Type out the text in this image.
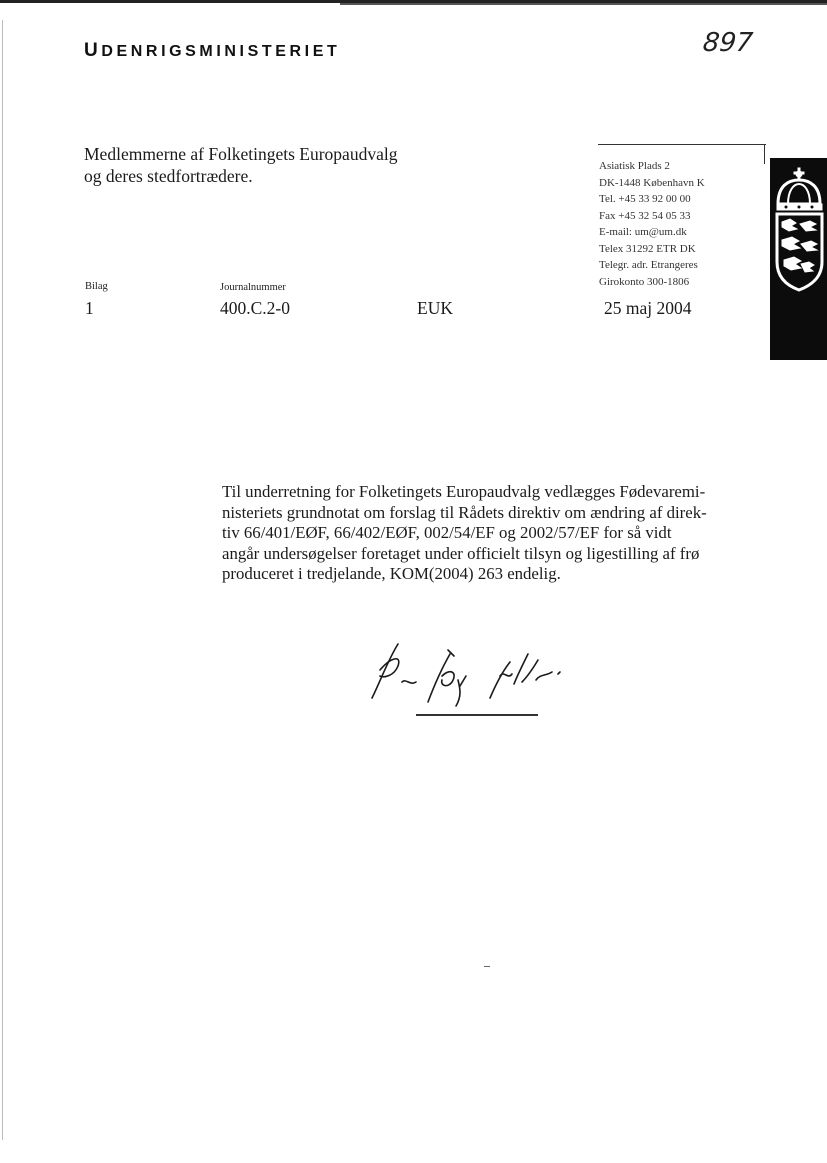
UDENRIGSMINISTERIET	897
Medlemmerne af Folketingets Europaudvalg
og deres stedfortrædere.	Asiatisk Plads 2
DK-1448 København K
Tel. +45 33 92 00 00
Fax +45 32 54 05 33
E-mail: um@um.dk
Telex 31292 ETR DK
Telegr. adr. Etrangeres
Girokonto 300-1806
Bilag	Journalnummer
1	400.C.2-0	EUK	25 maj 2004
Til underretning for Folketingets Europaudvalg vedlægges Fødevaremi-
nisteriets grundnotat om forslag til Rådets direktiv om ændring af direk-
tiv 66/401/EØF, 66/402/EØF, 002/54/EF og 2002/57/EF for så vidt
angår undersøgelser foretaget under officielt tilsyn og ligestilling af frø
produceret i tredjelande, KOM(2004) 263 endelig.
